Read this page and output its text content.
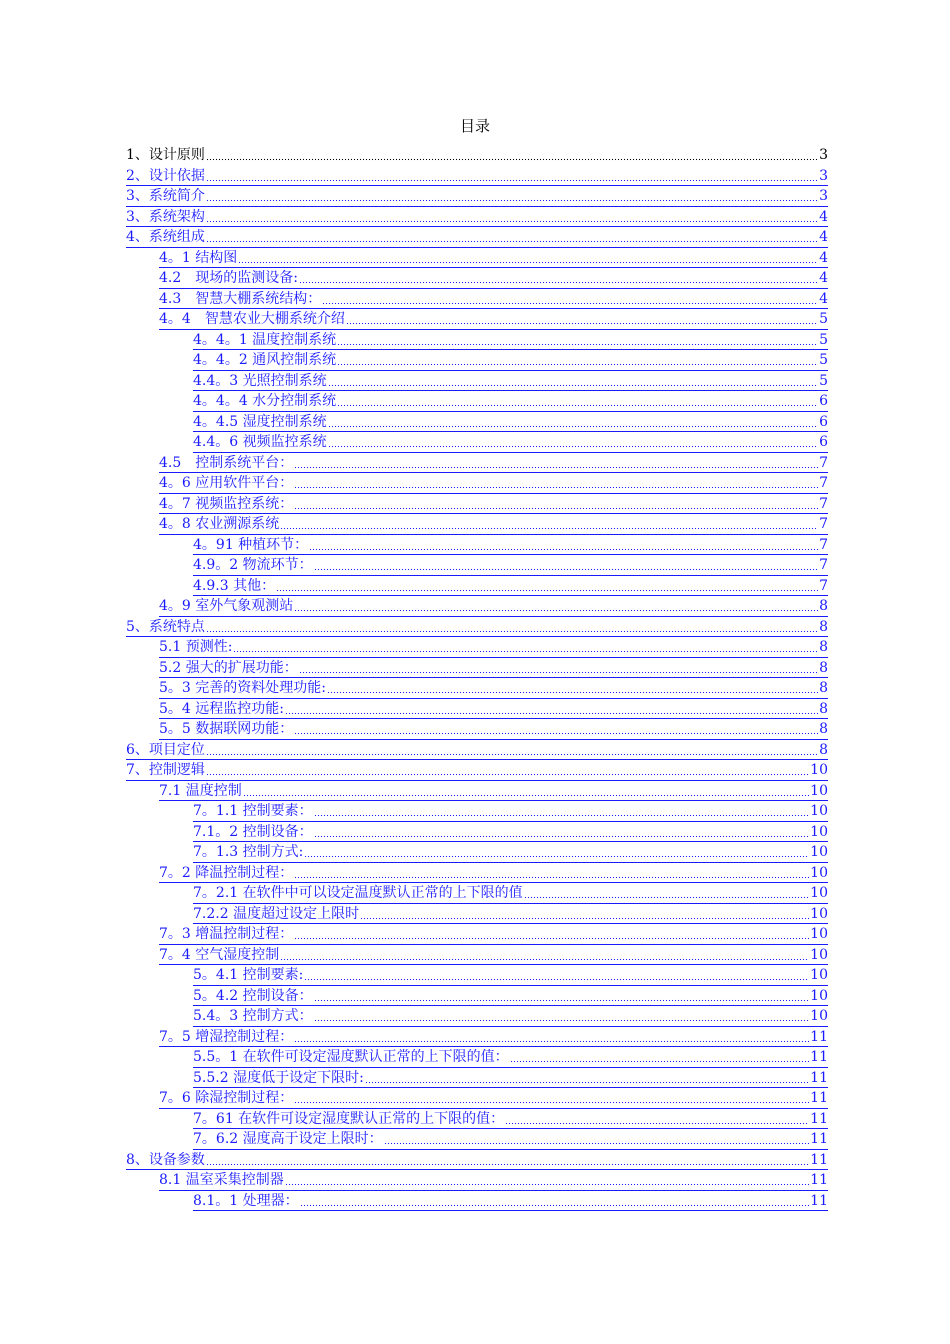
目录
1、设计原则	3
2、设计依据	3
3、系统简介	3
3、系统架构	4
4、系统组成	4
4。1 结构图	4
4.2　现场的监测设备:	4
4.3　智慧大棚系统结构：	4
4。4　智慧农业大棚系统介绍	5
4。4。1 温度控制系统	5
4。4。2 通风控制系统	5
4.4。3 光照控制系统	5
4。4。4 水分控制系统	6
4。4.5 湿度控制系统	6
4.4。6 视频监控系统	6
4.5　控制系统平台：	7
4。6 应用软件平台：	7
4。7 视频监控系统：	7
4。8 农业溯源系统	7
4。91 种植环节：	7
4.9。2 物流环节：	7
4.9.3 其他：	7
4。9 室外气象观测站	8
5、系统特点	8
5.1 预测性:	8
5.2 强大的扩展功能：	8
5。3 完善的资料处理功能:	8
5。4 远程监控功能:	8
5。5 数据联网功能：	8
6、项目定位	8
7、控制逻辑	10
7.1 温度控制	10
7。1.1 控制要素：	10
7.1。2 控制设备：	10
7。1.3 控制方式:	10
7。2 降温控制过程：	10
7。2.1 在软件中可以设定温度默认正常的上下限的值	10
7.2.2 温度超过设定上限时	10
7。3 增温控制过程：	10
7。4 空气湿度控制	10
5。4.1 控制要素:	10
5。4.2 控制设备：	10
5.4。3 控制方式：	10
7。5 增湿控制过程：	11
5.5。1 在软件可设定湿度默认正常的上下限的值：	11
5.5.2 湿度低于设定下限时:	11
7。6 除湿控制过程：	11
7。61 在软件可设定湿度默认正常的上下限的值：	11
7。6.2 湿度高于设定上限时：	11
8、设备参数	11
8.1 温室采集控制器	11
8.1。1 处理器：	11
